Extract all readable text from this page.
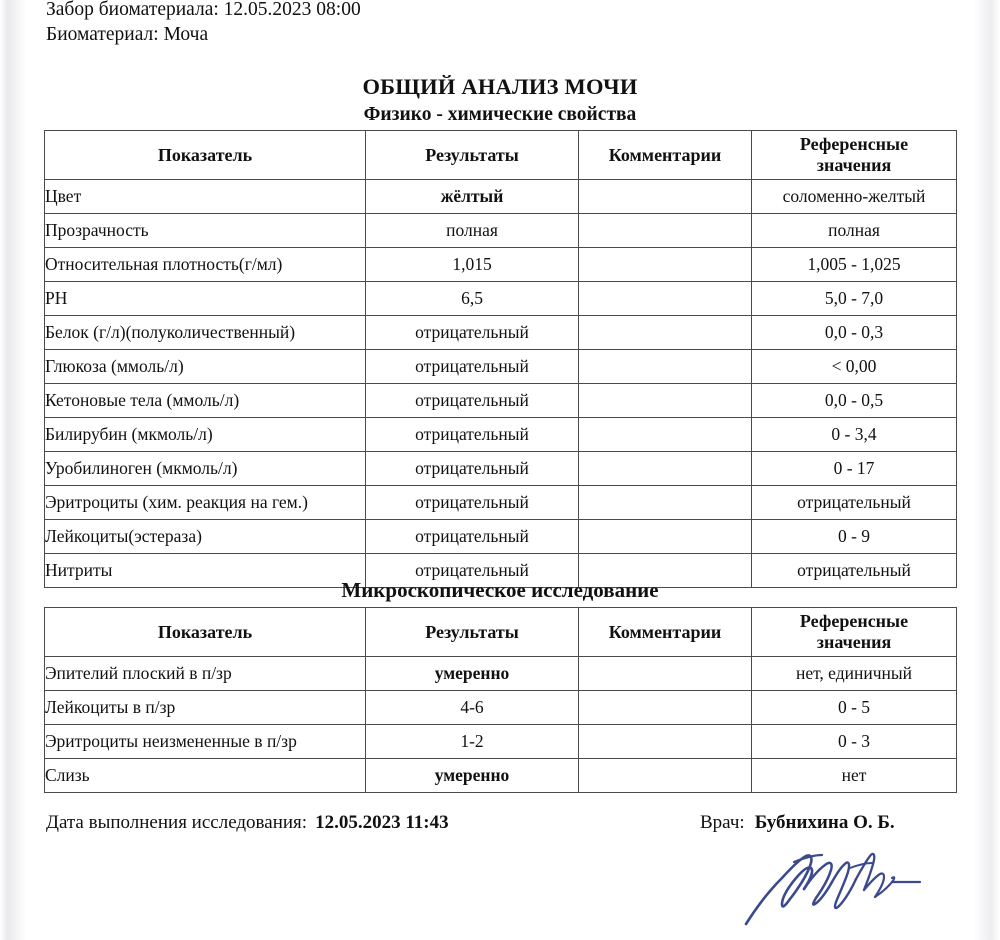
Забор биоматериала: 12.05.2023 08:00
Биоматериал: Моча
ОБЩИЙ АНАЛИЗ МОЧИ
Физико - химические свойства
Показатель	Результаты	Комментарии	Референсные
значения

Цвет	жёлтый		соломенно-желтый
Прозрачность	полная		полная
Относительная плотность(г/мл)	1,015		1,005 - 1,025
РН	6,5		5,0 - 7,0
Белок (г/л)(полуколичественный)	отрицательный		0,0 - 0,3
Глюкоза (ммоль/л)	отрицательный		< 0,00
Кетоновые тела (ммоль/л)	отрицательный		0,0 - 0,5
Билирубин (мкмоль/л)	отрицательный		0 - 3,4
Уробилиноген (мкмоль/л)	отрицательный		0 - 17
Эритроциты (хим. реакция на гем.)	отрицательный		отрицательный
Лейкоциты(эстераза)	отрицательный		0 - 9
Нитриты	отрицательный		отрицательный
Микроскопическое исследование
Показатель	Результаты	Комментарии	Референсные
значения

Эпителий плоский в п/зр	умеренно		нет, единичный
Лейкоциты в п/зр	4-6		0 - 5
Эритроциты неизмененные в п/зр	1-2		0 - 3
Слизь	умеренно		нет
Дата выполнения исследования: 12.05.2023 11:43	Врач: Бубнихина О. Б.
